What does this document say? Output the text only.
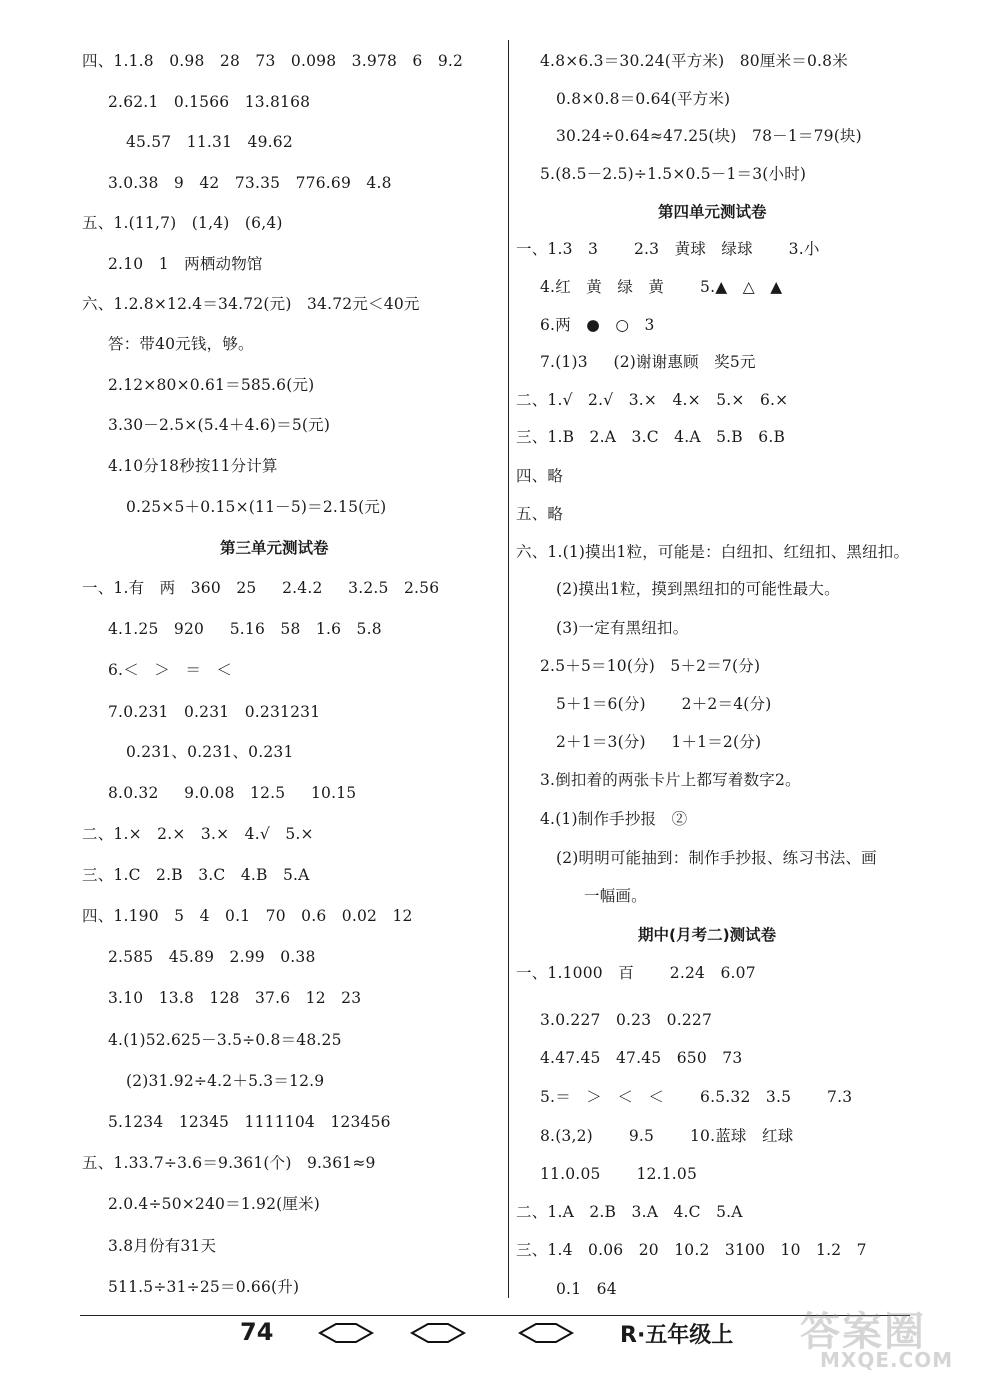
四、1.1.8   0.98   28   73   0.098   3.978   6   9.2
2.62.1   0.1566   13.8168
45.57   11.31   49.62
3.0.38   9   42   73.35   776.69   4.8
五、1.(11,7)   (1,4)   (6,4)
2.10   1   两栖动物馆
六、1.2.8×12.4＝34.72(元)   34.72元＜40元
答：带40元钱，够。
2.12×80×0.61＝585.6(元)
3.30－2.5×(5.4＋4.6)＝5(元)
4.10分18秒按11分计算
0.25×5＋0.15×(11－5)＝2.15(元)
第三单元测试卷
一、1.有   两   360   25     2.4.2     3.2.5   2.56
4.1.25   920     5.16   58   1.6   5.8
6.＜   ＞   ＝   ＜
7.0.231   0.231   0.231231
0.231、0.231、0.231
8.0.32     9.0.08   12.5     10.15
二、1.×   2.×   3.×   4.√   5.×
三、1.C   2.B   3.C   4.B   5.A
四、1.190   5   4   0.1   70   0.6   0.02   12
2.585   45.89   2.99   0.38
3.10   13.8   128   37.6   12   23
4.(1)52.625－3.5÷0.8＝48.25
(2)31.92÷4.2＋5.3＝12.9
5.1234   12345   1111104   123456
五、1.33.7÷3.6＝9.361(个)   9.361≈9
2.0.4÷50×240＝1.92(厘米)
3.8月份有31天
511.5÷31÷25＝0.66(升)
4.8×6.3＝30.24(平方米)   80厘米＝0.8米
0.8×0.8＝0.64(平方米)
30.24÷0.64≈47.25(块)   78－1＝79(块)
5.(8.5－2.5)÷1.5×0.5－1＝3(小时)
第四单元测试卷
一、1.3   3       2.3   黄球   绿球       3.小
4.红   黄   绿   黄       5.▲   △   ▲
6.两   ●   ○   3
7.(1)3     (2)谢谢惠顾   奖5元
二、1.√   2.√   3.×   4.×   5.×   6.×
三、1.B   2.A   3.C   4.A   5.B   6.B
四、略
五、略
六、1.(1)摸出1粒，可能是：白纽扣、红纽扣、黑纽扣。
(2)摸出1粒，摸到黑纽扣的可能性最大。
(3)一定有黑纽扣。
2.5＋5＝10(分)   5＋2＝7(分)
5＋1＝6(分)       2＋2＝4(分)
2＋1＝3(分)     1＋1＝2(分)
3.倒扣着的两张卡片上都写着数字2。
4.(1)制作手抄报   ②
(2)明明可能抽到：制作手抄报、练习书法、画
一幅画。
期中(月考二)测试卷
一、1.1000   百       2.24   6.07
3.0.227   0.23   0.227
4.47.45   47.45   650   73
5.＝   ＞   ＜   ＜       6.5.32   3.5       7.3
8.(3,2)       9.5       10.蓝球   红球
11.0.05       12.1.05
二、1.A   2.B   3.A   4.C   5.A
三、1.4   0.06   20   10.2   3100   10   1.2   7
0.1   64
74	R·五年级上 答案圈
MXQE.COM
